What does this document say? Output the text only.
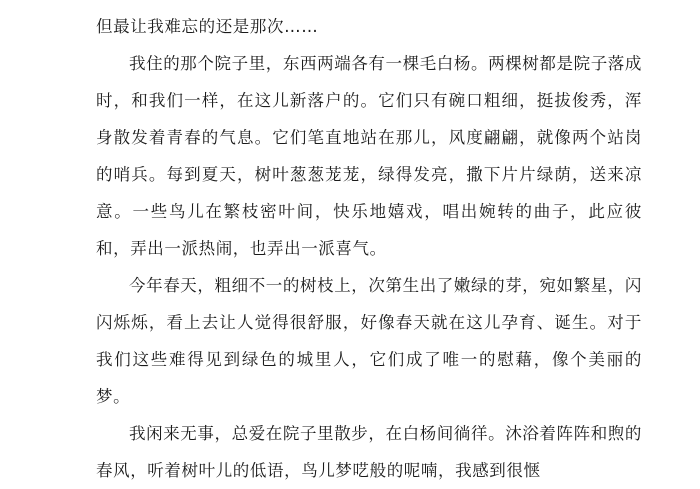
但最让我难忘的还是那次……

我住的那个院子里，东西两端各有一棵毛白杨。两棵树都是院子落成时，和我们一样，在这儿新落户的。它们只有碗口粗细，挺拔俊秀，浑身散发着青春的气息。它们笔直地站在那儿，风度翩翩，就像两个站岗的哨兵。每到夏天，树叶葱葱茏茏，绿得发亮，撒下片片绿荫，送来凉意。一些鸟儿在繁枝密叶间，快乐地嬉戏，唱出婉转的曲子，此应彼和，弄出一派热闹，也弄出一派喜气。

今年春天，粗细不一的树枝上，次第生出了嫩绿的芽，宛如繁星，闪闪烁烁，看上去让人觉得很舒服，好像春天就在这儿孕育、诞生。对于我们这些难得见到绿色的城里人，它们成了唯一的慰藉，像个美丽的梦。

我闲来无事，总爱在院子里散步，在白杨间徜徉。沐浴着阵阵和煦的春风，听着树叶儿的低语，鸟儿梦呓般的呢喃，我感到很惬
